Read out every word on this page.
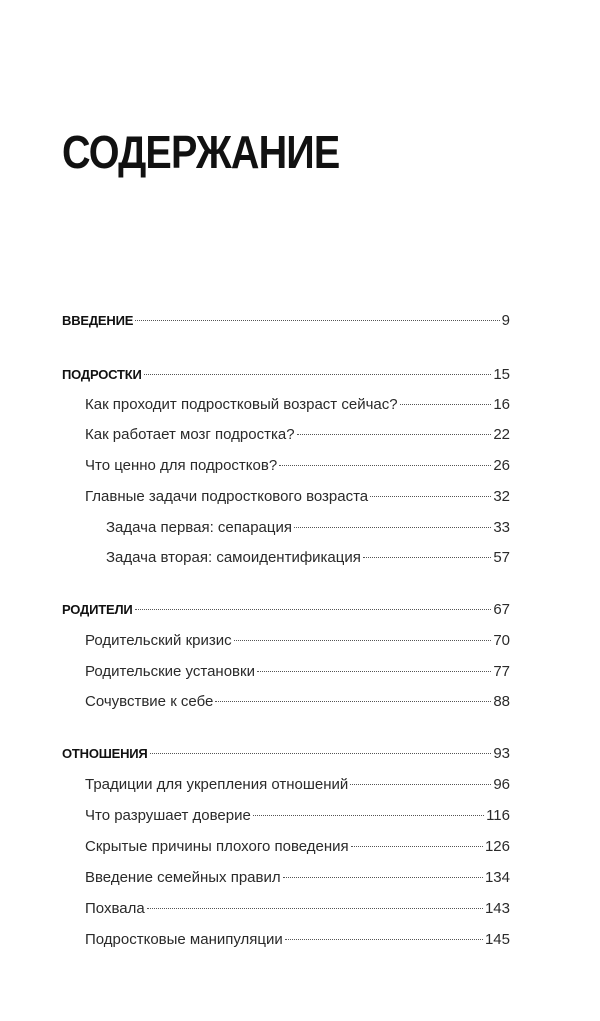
СОДЕРЖАНИЕ
ВВЕДЕНИЕ	9
ПОДРОСТКИ	15
Как проходит подростковый возраст сейчас?	16
Как работает мозг подростка?	22
Что ценно для подростков?	26
Главные задачи подросткового возраста	32
Задача первая: сепарация	33
Задача вторая: самоидентификация	57
РОДИТЕЛИ	67
Родительский кризис	70
Родительские установки	77
Сочувствие к себе	88
ОТНОШЕНИЯ	93
Традиции для укрепления отношений	96
Что разрушает доверие	116
Скрытые причины плохого поведения	126
Введение семейных правил	134
Похвала	143
Подростковые манипуляции	145
